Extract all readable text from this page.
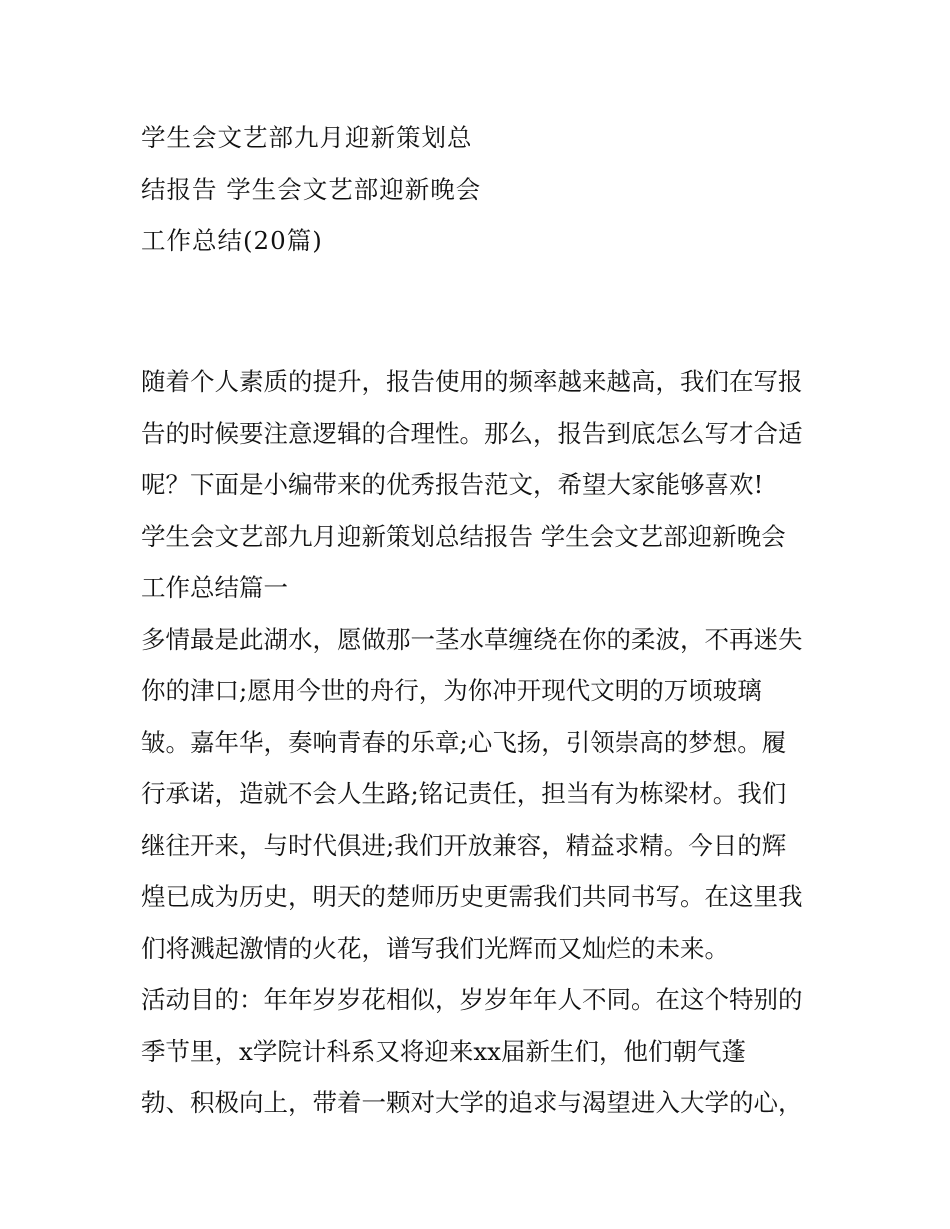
学生会文艺部九月迎新策划总
结报告 学生会文艺部迎新晚会
工作总结(20篇)
随着个人素质的提升，报告使用的频率越来越高，我们在写报
告的时候要注意逻辑的合理性。那么，报告到底怎么写才合适
呢？下面是小编带来的优秀报告范文，希望大家能够喜欢!
学生会文艺部九月迎新策划总结报告 学生会文艺部迎新晚会
工作总结篇一
多情最是此湖水，愿做那一茎水草缠绕在你的柔波，不再迷失
你的津口;愿用今世的舟行，为你冲开现代文明的万顷玻璃
皱。嘉年华，奏响青春的乐章;心飞扬，引领崇高的梦想。履
行承诺，造就不会人生路;铭记责任，担当有为栋梁材。我们
继往开来，与时代俱进;我们开放兼容，精益求精。今日的辉
煌已成为历史，明天的楚师历史更需我们共同书写。在这里我
们将溅起激情的火花，谱写我们光辉而又灿烂的未来。
活动目的：年年岁岁花相似，岁岁年年人不同。在这个特别的
季节里，x学院计科系又将迎来xx届新生们，他们朝气蓬
勃、积极向上，带着一颗对大学的追求与渴望进入大学的心，
